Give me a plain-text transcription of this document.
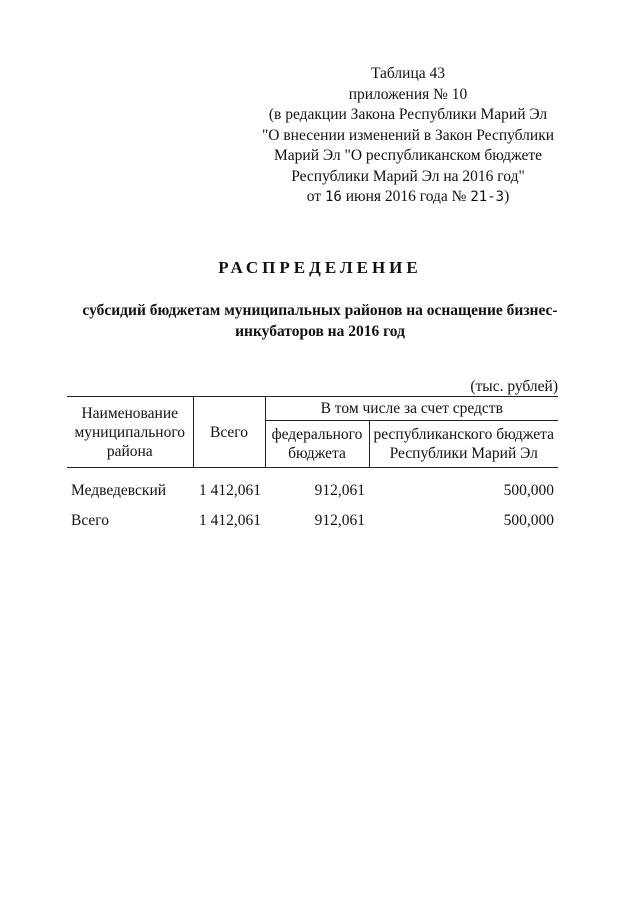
Таблица 43
приложения № 10
(в редакции Закона Республики Марий Эл
"О внесении изменений в Закон Республики
Марий Эл "О республиканском бюджете
Республики Марий Эл на 2016 год"
от 16 июня 2016 года № 21-З)
РАСПРЕДЕЛЕНИЕ
субсидий бюджетам муниципальных районов на оснащение бизнес-
инкубаторов на 2016 год
(тыс. рублей)
Наименование муниципального района	Всего	В том числе за счет средств	
		федерального бюджета	республиканского бюджета Республики Марий Эл
Медведевский	1 412,061	912,061	500,000
Всего	1 412,061	912,061	500,000
